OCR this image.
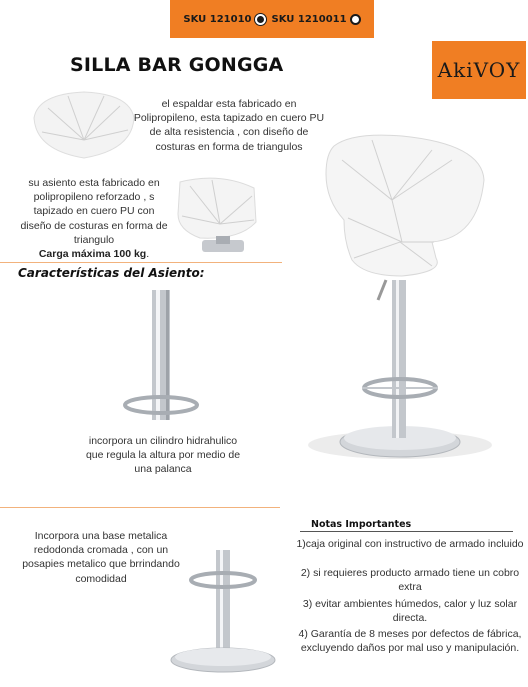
SKU 121010 SKU 1210011
SILLA BAR GONGGA	AkiVOY
el espaldar esta fabricado en Polipropileno, esta tapizado en cuero PU de alta resistencia , con diseño de costuras en forma de triangulos
su asiento esta fabricado en polipropileno reforzado , s tapizado en cuero PU con diseño de costuras en forma de triangulo
Carga máxima 100 kg.
Características del Asiento:
incorpora un cilindro hidrahulico que regula la altura por medio de una palanca
Incorpora una base metalica redodonda cromada , con un posapies metalico que brrindando comodidad
Notas Importantes
1)caja original con instructivo de armado incluido
2) si requieres producto armado tiene un cobro extra
3) evitar ambientes húmedos, calor y luz solar directa.
4) Garantía de 8 meses por defectos de fábrica, excluyendo daños por mal uso y manipulación.
